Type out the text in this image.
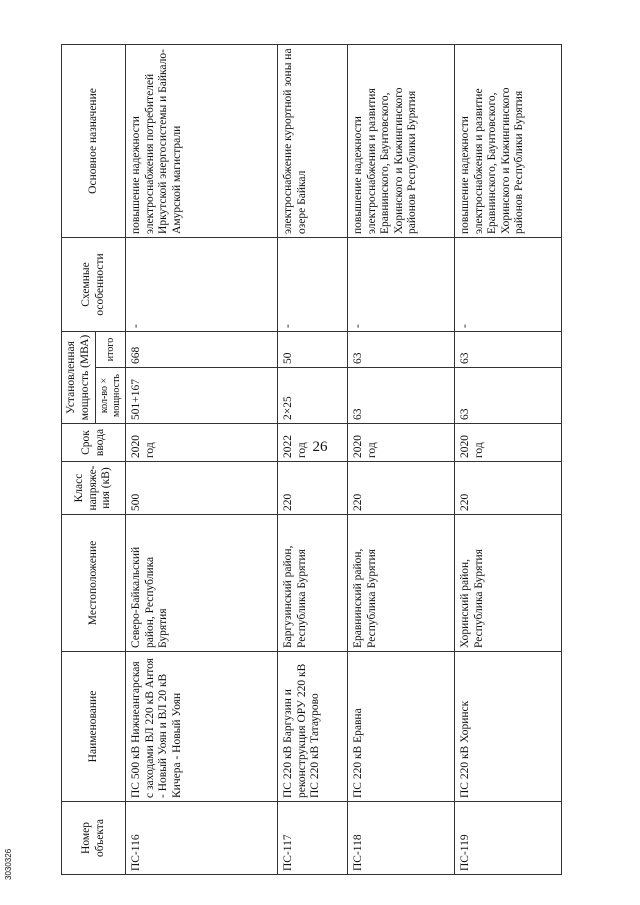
26
3030326
Номер объекта	Наименование	Местоположение	Класс напряже-ния (кВ)	Срок ввода	Установленная мощность (МВА)		Схемные особенности	Основное назначение
					кол-во × мощность	итого		
ПС-116	ПС 500 кВ Нижнеангарская с заходами ВЛ 220 кВ Антоя - Новый Уоян и ВЛ 20 кВ Кичера - Новый Уоян	Северо-Байкальский район, Республика Бурятия	500	2020 год	501+167	668	-	повышение надежности электроснабжения потребителей Иркутской энергосистемы и Байкало-Амурской магистрали
ПС-117	ПС 220 кВ Баргузин и реконструкция ОРУ 220 кВ ПС 220 кВ Татаурово	Баргузинский район, Республика Бурятия	220	2022 год	2×25	50	-	электроснабжение курортной зоны на озере Байкал
ПС-118	ПС 220 кВ Еравна	Еравнинский район, Республика Бурятия	220	2020 год	63	63	-	повышение надежности электроснабжения и развития Еравнинского, Баунтовского, Хоринского и Кижингинского районов Республики Бурятия
ПС-119	ПС 220 кВ Хоринск	Хоринский район, Республика Бурятия	220	2020 год	63	63	-	повышение надежности электроснабжения и развитие Еравнинского, Баунтовского, Хоринского и Кижингинского районов Республики Бурятия
